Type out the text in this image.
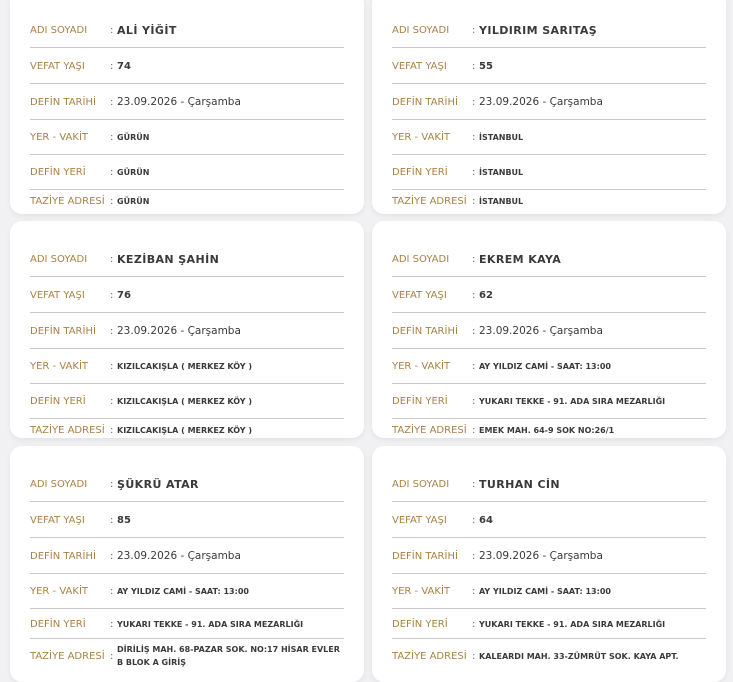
ADI SOYADI	: ALİ YİĞİT
VEFAT YAŞI	: 74
DEFİN TARİHİ	: 23.09.2026 - Çarşamba
YER - VAKİT	: GÜRÜN
DEFİN YERİ	: GÜRÜN
TAZİYE ADRESİ : GÜRÜN
ADI SOYADI	: YILDIRIM SARITAŞ
VEFAT YAŞI	: 55
DEFİN TARİHİ	: 23.09.2026 - Çarşamba
YER - VAKİT	: İSTANBUL
DEFİN YERİ	: İSTANBUL
TAZİYE ADRESİ : İSTANBUL
ADI SOYADI	: KEZİBAN ŞAHİN
VEFAT YAŞI	: 76
DEFİN TARİHİ	: 23.09.2026 - Çarşamba
YER - VAKİT	: KIZILCAKIŞLA ( MERKEZ KÖY )
DEFİN YERİ	: KIZILCAKIŞLA ( MERKEZ KÖY )
TAZİYE ADRESİ : KIZILCAKIŞLA ( MERKEZ KÖY )
ADI SOYADI	: EKREM KAYA
VEFAT YAŞI	: 62
DEFİN TARİHİ	: 23.09.2026 - Çarşamba
YER - VAKİT	: AY YILDIZ CAMİ - SAAT: 13:00
DEFİN YERİ	: YUKARI TEKKE - 91. ADA SIRA MEZARLIĞI
TAZİYE ADRESİ : EMEK MAH. 64-9 SOK NO:26/1
ADI SOYADI	: ŞÜKRÜ ATAR
VEFAT YAŞI	: 85
DEFİN TARİHİ	: 23.09.2026 - Çarşamba
YER - VAKİT	: AY YILDIZ CAMİ - SAAT: 13:00
DEFİN YERİ	: YUKARI TEKKE - 91. ADA SIRA MEZARLIĞI
TAZİYE ADRESİ :
DİRİLİŞ MAH. 68-PAZAR SOK. NO:17 HİSAR EVLER B BLOK A GİRİŞ
ADI SOYADI	: TURHAN CİN
VEFAT YAŞI	: 64
DEFİN TARİHİ	: 23.09.2026 - Çarşamba
YER - VAKİT	: AY YILDIZ CAMİ - SAAT: 13:00
DEFİN YERİ	: YUKARI TEKKE - 91. ADA SIRA MEZARLIĞI
TAZİYE ADRESİ : KALEARDI MAH. 33-ZÜMRÜT SOK. KAYA APT.
